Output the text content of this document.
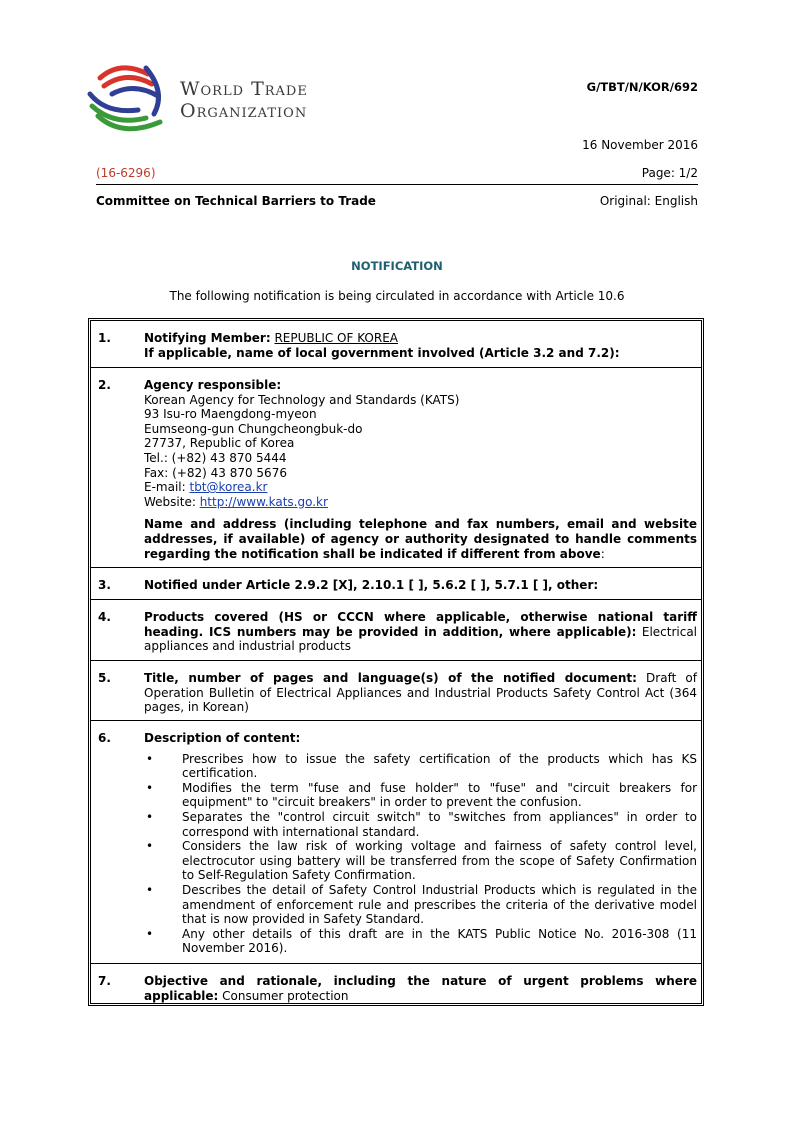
World Trade
Organization
G/TBT/N/KOR/692
16 November 2016
(16-6296)	Page: 1/2
Committee on Technical Barriers to Trade	Original: English
NOTIFICATION
The following notification is being circulated in accordance with Article 10.6
1.	Notifying Member: REPUBLIC OF KOREA

If applicable, name of local government involved (Article 3.2 and 7.2):

2.	Agency responsible:

Korean Agency for Technology and Standards (KATS)

93 Isu-ro Maengdong-myeon

Eumseong-gun Chungcheongbuk-do

27737, Republic of Korea

Tel.: (+82) 43 870 5444

Fax: (+82) 43 870 5676

E-mail: tbt@korea.kr

Website: http://www.kats.go.kr

Name and address (including telephone and fax numbers, email and website addresses, if available) of agency or authority designated to handle comments regarding the notification shall be indicated if different from above:

3.	Notified under Article 2.9.2 [X], 2.10.1 [ ], 5.6.2 [ ], 5.7.1 [ ], other:
4.	Products covered (HS or CCCN where applicable, otherwise national tariff heading. ICS numbers may be provided in addition, where applicable): Electrical appliances and industrial products
5.	Title, number of pages and language(s) of the notified document: Draft of Operation Bulletin of Electrical Appliances and Industrial Products Safety Control Act (364 pages, in Korean)
6.	Description of content:

• Prescribes how to issue the safety certification of the products which has KS certification.
• Modifies the term "fuse and fuse holder" to "fuse" and "circuit breakers for equipment" to "circuit breakers" in order to prevent the confusion.
• Separates the "control circuit switch" to "switches from appliances" in order to correspond with international standard.
• Considers the law risk of working voltage and fairness of safety control level, electrocutor using battery will be transferred from the scope of Safety Confirmation to Self-Regulation Safety Confirmation.
• Describes the detail of Safety Control Industrial Products which is regulated in the amendment of enforcement rule and prescribes the criteria of the derivative model that is now provided in Safety Standard.
• Any other details of this draft are in the KATS Public Notice No. 2016-308 (11 November 2016).
7.	Objective and rationale, including the nature of urgent problems where applicable: Consumer protection
